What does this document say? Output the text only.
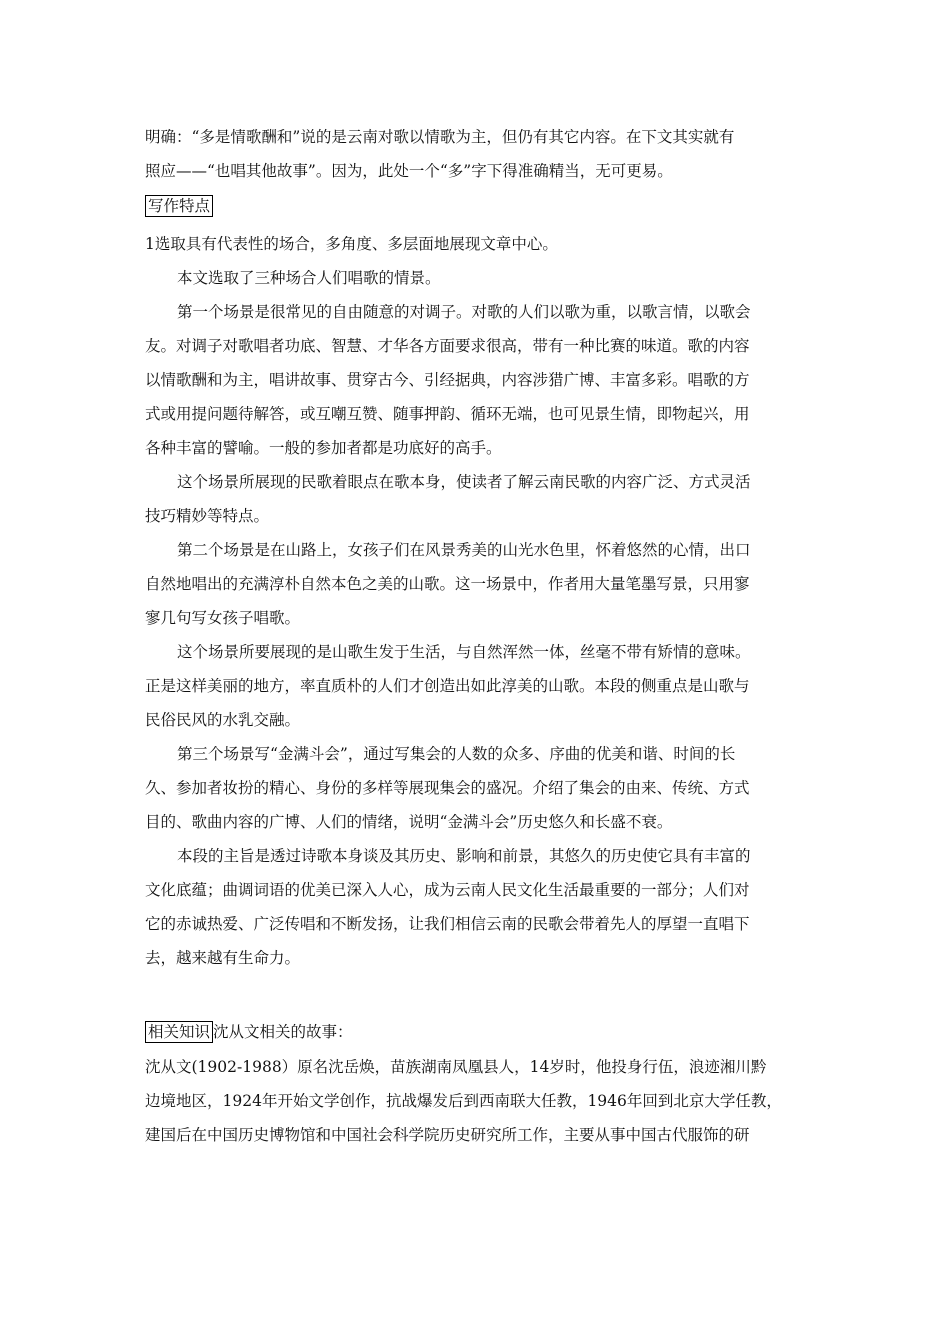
明确：“多是情歌酬和”说的是云南对歌以情歌为主，但仍有其它内容。在下文其实就有
照应——“也唱其他故事”。因为，此处一个“多”字下得准确精当，无可更易。
写作特点
1选取具有代表性的场合，多角度、多层面地展现文章中心。
本文选取了三种场合人们唱歌的情景。
第一个场景是很常见的自由随意的对调子。对歌的人们以歌为重，以歌言情，以歌会
友。对调子对歌唱者功底、智慧、才华各方面要求很高，带有一种比赛的味道。歌的内容
以情歌酬和为主，唱讲故事、贯穿古今、引经据典，内容涉猎广博、丰富多彩。唱歌的方
式或用提问题待解答，或互嘲互赞、随事押韵、循环无端，也可见景生情，即物起兴，用
各种丰富的譬喻。一般的参加者都是功底好的高手。
这个场景所展现的民歌着眼点在歌本身，使读者了解云南民歌的内容广泛、方式灵活
技巧精妙等特点。
第二个场景是在山路上，女孩子们在风景秀美的山光水色里，怀着悠然的心情，出口
自然地唱出的充满淳朴自然本色之美的山歌。这一场景中，作者用大量笔墨写景，只用寥
寥几句写女孩子唱歌。
这个场景所要展现的是山歌生发于生活，与自然浑然一体，丝毫不带有矫情的意味。
正是这样美丽的地方，率直质朴的人们才创造出如此淳美的山歌。本段的侧重点是山歌与
民俗民风的水乳交融。
第三个场景写“金满斗会”，通过写集会的人数的众多、序曲的优美和谐、时间的长
久、参加者妆扮的精心、身份的多样等展现集会的盛况。介绍了集会的由来、传统、方式
目的、歌曲内容的广博、人们的情绪，说明“金满斗会”历史悠久和长盛不衰。
本段的主旨是透过诗歌本身谈及其历史、影响和前景，其悠久的历史使它具有丰富的
文化底蕴；曲调词语的优美已深入人心，成为云南人民文化生活最重要的一部分；人们对
它的赤诚热爱、广泛传唱和不断发扬，让我们相信云南的民歌会带着先人的厚望一直唱下
去，越来越有生命力。
相关知识 沈从文相关的故事：
沈从文(1902-1988）原名沈岳焕，苗族湖南凤凰县人，14岁时，他投身行伍，浪迹湘川黔
边境地区，1924年开始文学创作，抗战爆发后到西南联大任教，1946年回到北京大学任教，
建国后在中国历史博物馆和中国社会科学院历史研究所工作，主要从事中国古代服饰的研
